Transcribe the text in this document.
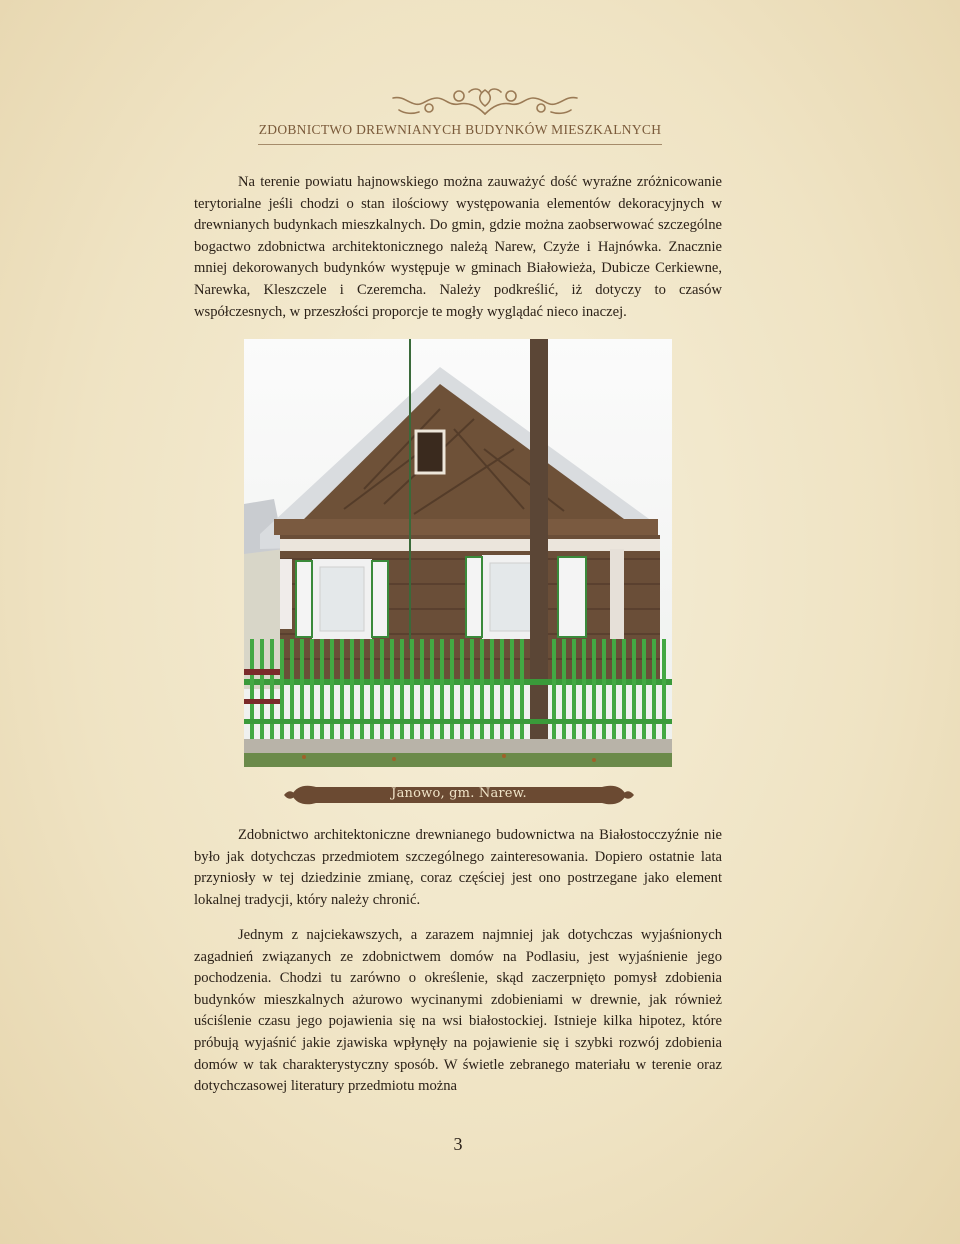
ZDOBNICTWO DREWNIANYCH BUDYNKÓW MIESZKALNYCH
Na terenie powiatu hajnowskiego można zauważyć dość wyraźne zróżnicowanie terytorialne jeśli chodzi o stan ilościowy występowania elementów dekoracyjnych w drewnianych budynkach mieszkalnych. Do gmin, gdzie można zaobserwować szczególne bogactwo zdobnictwa architektonicznego należą Narew, Czyże i Hajnówka. Znacznie mniej dekorowanych budynków występuje w gminach Białowieża, Dubicze Cerkiewne, Narewka, Kleszczele i Czeremcha. Należy podkreślić, iż dotyczy to czasów współczesnych, w przeszłości proporcje te mogły wyglądać nieco inaczej.
Janowo, gm. Narew.
Zdobnictwo architektoniczne drewnianego budownictwa na Białostocczyźnie nie było jak dotychczas przedmiotem szczególnego zainteresowania. Dopiero ostatnie lata przyniosły w tej dziedzinie zmianę, coraz częściej jest ono postrzegane jako element lokalnej tradycji, który należy chronić.
Jednym z najciekawszych, a zarazem najmniej jak dotychczas wyjaśnionych zagadnień związanych ze zdobnictwem domów na Podlasiu, jest wyjaśnienie jego pochodzenia. Chodzi tu zarówno o określenie, skąd zaczerpnięto pomysł zdobienia budynków mieszkalnych ażurowo wycinanymi zdobieniami w drewnie, jak również uściślenie czasu jego pojawienia się na wsi białostockiej. Istnieje kilka hipotez, które próbują wyjaśnić jakie zjawiska wpłynęły na pojawienie się i szybki rozwój zdobienia domów w tak charakterystyczny sposób. W świetle zebranego materiału w terenie oraz dotychczasowej literatury przedmiotu można
3
